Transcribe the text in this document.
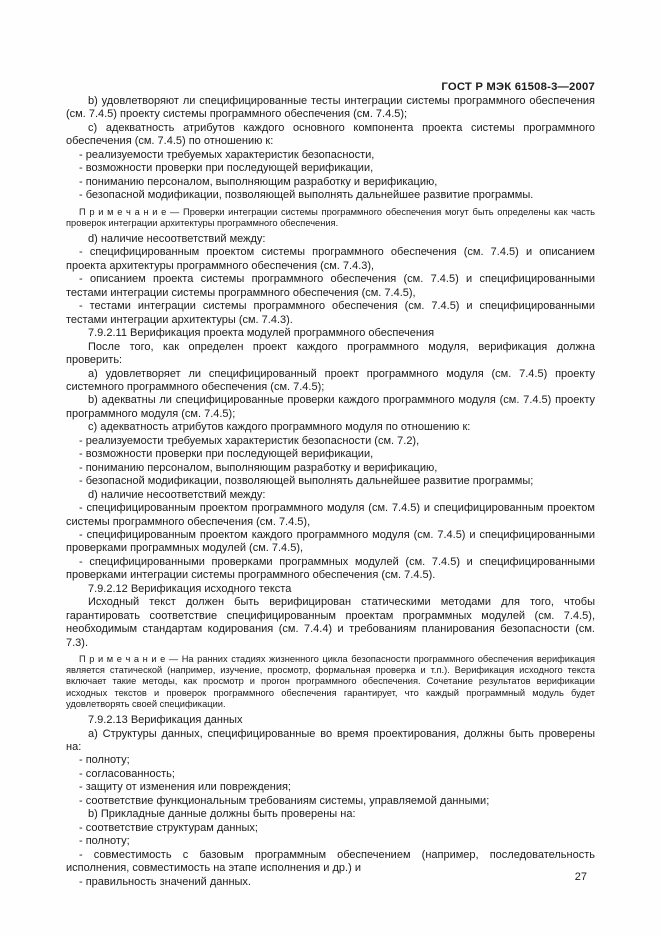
ГОСТ Р МЭК 61508-3—2007

b) удовлетворяют ли специфицированные тесты интеграции системы программного обеспечения (см. 7.4.5) проекту системы программного обеспечения (см. 7.4.5);

c) адекватность атрибутов каждого основного компонента проекта системы программного обеспечения (см. 7.4.5) по отношению к:

- реализуемости требуемых характеристик безопасности,

- возможности проверки при последующей верификации,

- пониманию персоналом, выполняющим разработку и верификацию,

- безопасной модификации, позволяющей выполнять дальнейшее развитие программы.

П р и м е ч а н и е — Проверки интеграции системы программного обеспечения могут быть определены как часть проверок интеграции архитектуры программного обеспечения.

d) наличие несоответствий между:

- специфицированным проектом системы программного обеспечения (см. 7.4.5) и описанием проекта архитектуры программного обеспечения (см. 7.4.3),

- описанием проекта системы программного обеспечения (см. 7.4.5) и специфицированными тестами интеграции системы программного обеспечения (см. 7.4.5),

- тестами интеграции системы программного обеспечения (см. 7.4.5) и специфицированными тестами интеграции архитектуры (см. 7.4.3).

7.9.2.11 Верификация проекта модулей программного обеспечения

После того, как определен проект каждого программного модуля, верификация должна проверить:

а) удовлетворяет ли специфицированный проект программного модуля (см. 7.4.5) проекту системного программного обеспечения (см. 7.4.5);

b) адекватны ли специфицированные проверки каждого программного модуля (см. 7.4.5) проекту программного модуля (см. 7.4.5);

c) адекватность атрибутов каждого программного модуля по отношению к:

- реализуемости требуемых характеристик безопасности (см. 7.2),

- возможности проверки при последующей верификации,

- пониманию персоналом, выполняющим разработку и верификацию,

- безопасной модификации, позволяющей выполнять дальнейшее развитие программы;

d) наличие несоответствий между:

- специфицированным проектом программного модуля (см. 7.4.5) и специфицированным проектом системы программного обеспечения (см. 7.4.5),

- специфицированным проектом каждого программного модуля (см. 7.4.5) и специфицированными проверками программных модулей (см. 7.4.5),

- специфицированными проверками программных модулей (см. 7.4.5) и специфицированными проверками интеграции системы программного обеспечения (см. 7.4.5).

7.9.2.12 Верификация исходного текста

Исходный текст должен быть верифицирован статическими методами для того, чтобы гарантировать соответствие специфицированным проектам программных модулей (см. 7.4.5), необходимым стандартам кодирования (см. 7.4.4) и требованиям планирования безопасности (см. 7.3).

П р и м е ч а н и е — На ранних стадиях жизненного цикла безопасности программного обеспечения верификация является статической (например, изучение, просмотр, формальная проверка и т.п.). Верификация исходного текста включает такие методы, как просмотр и прогон программного обеспечения. Сочетание результатов верификации исходных текстов и проверок программного обеспечения гарантирует, что каждый программный модуль будет удовлетворять своей спецификации.

7.9.2.13 Верификация данных

а) Структуры данных, специфицированные во время проектирования, должны быть проверены на:

- полноту;

- согласованность;

- защиту от изменения или повреждения;

- соответствие функциональным требованиям системы, управляемой данными;

b) Прикладные данные должны быть проверены на:

- соответствие структурам данных;

- полноту;

- совместимость с базовым программным обеспечением (например, последовательность исполнения, совместимость на этапе исполнения и др.) и

- правильность значений данных.	27
